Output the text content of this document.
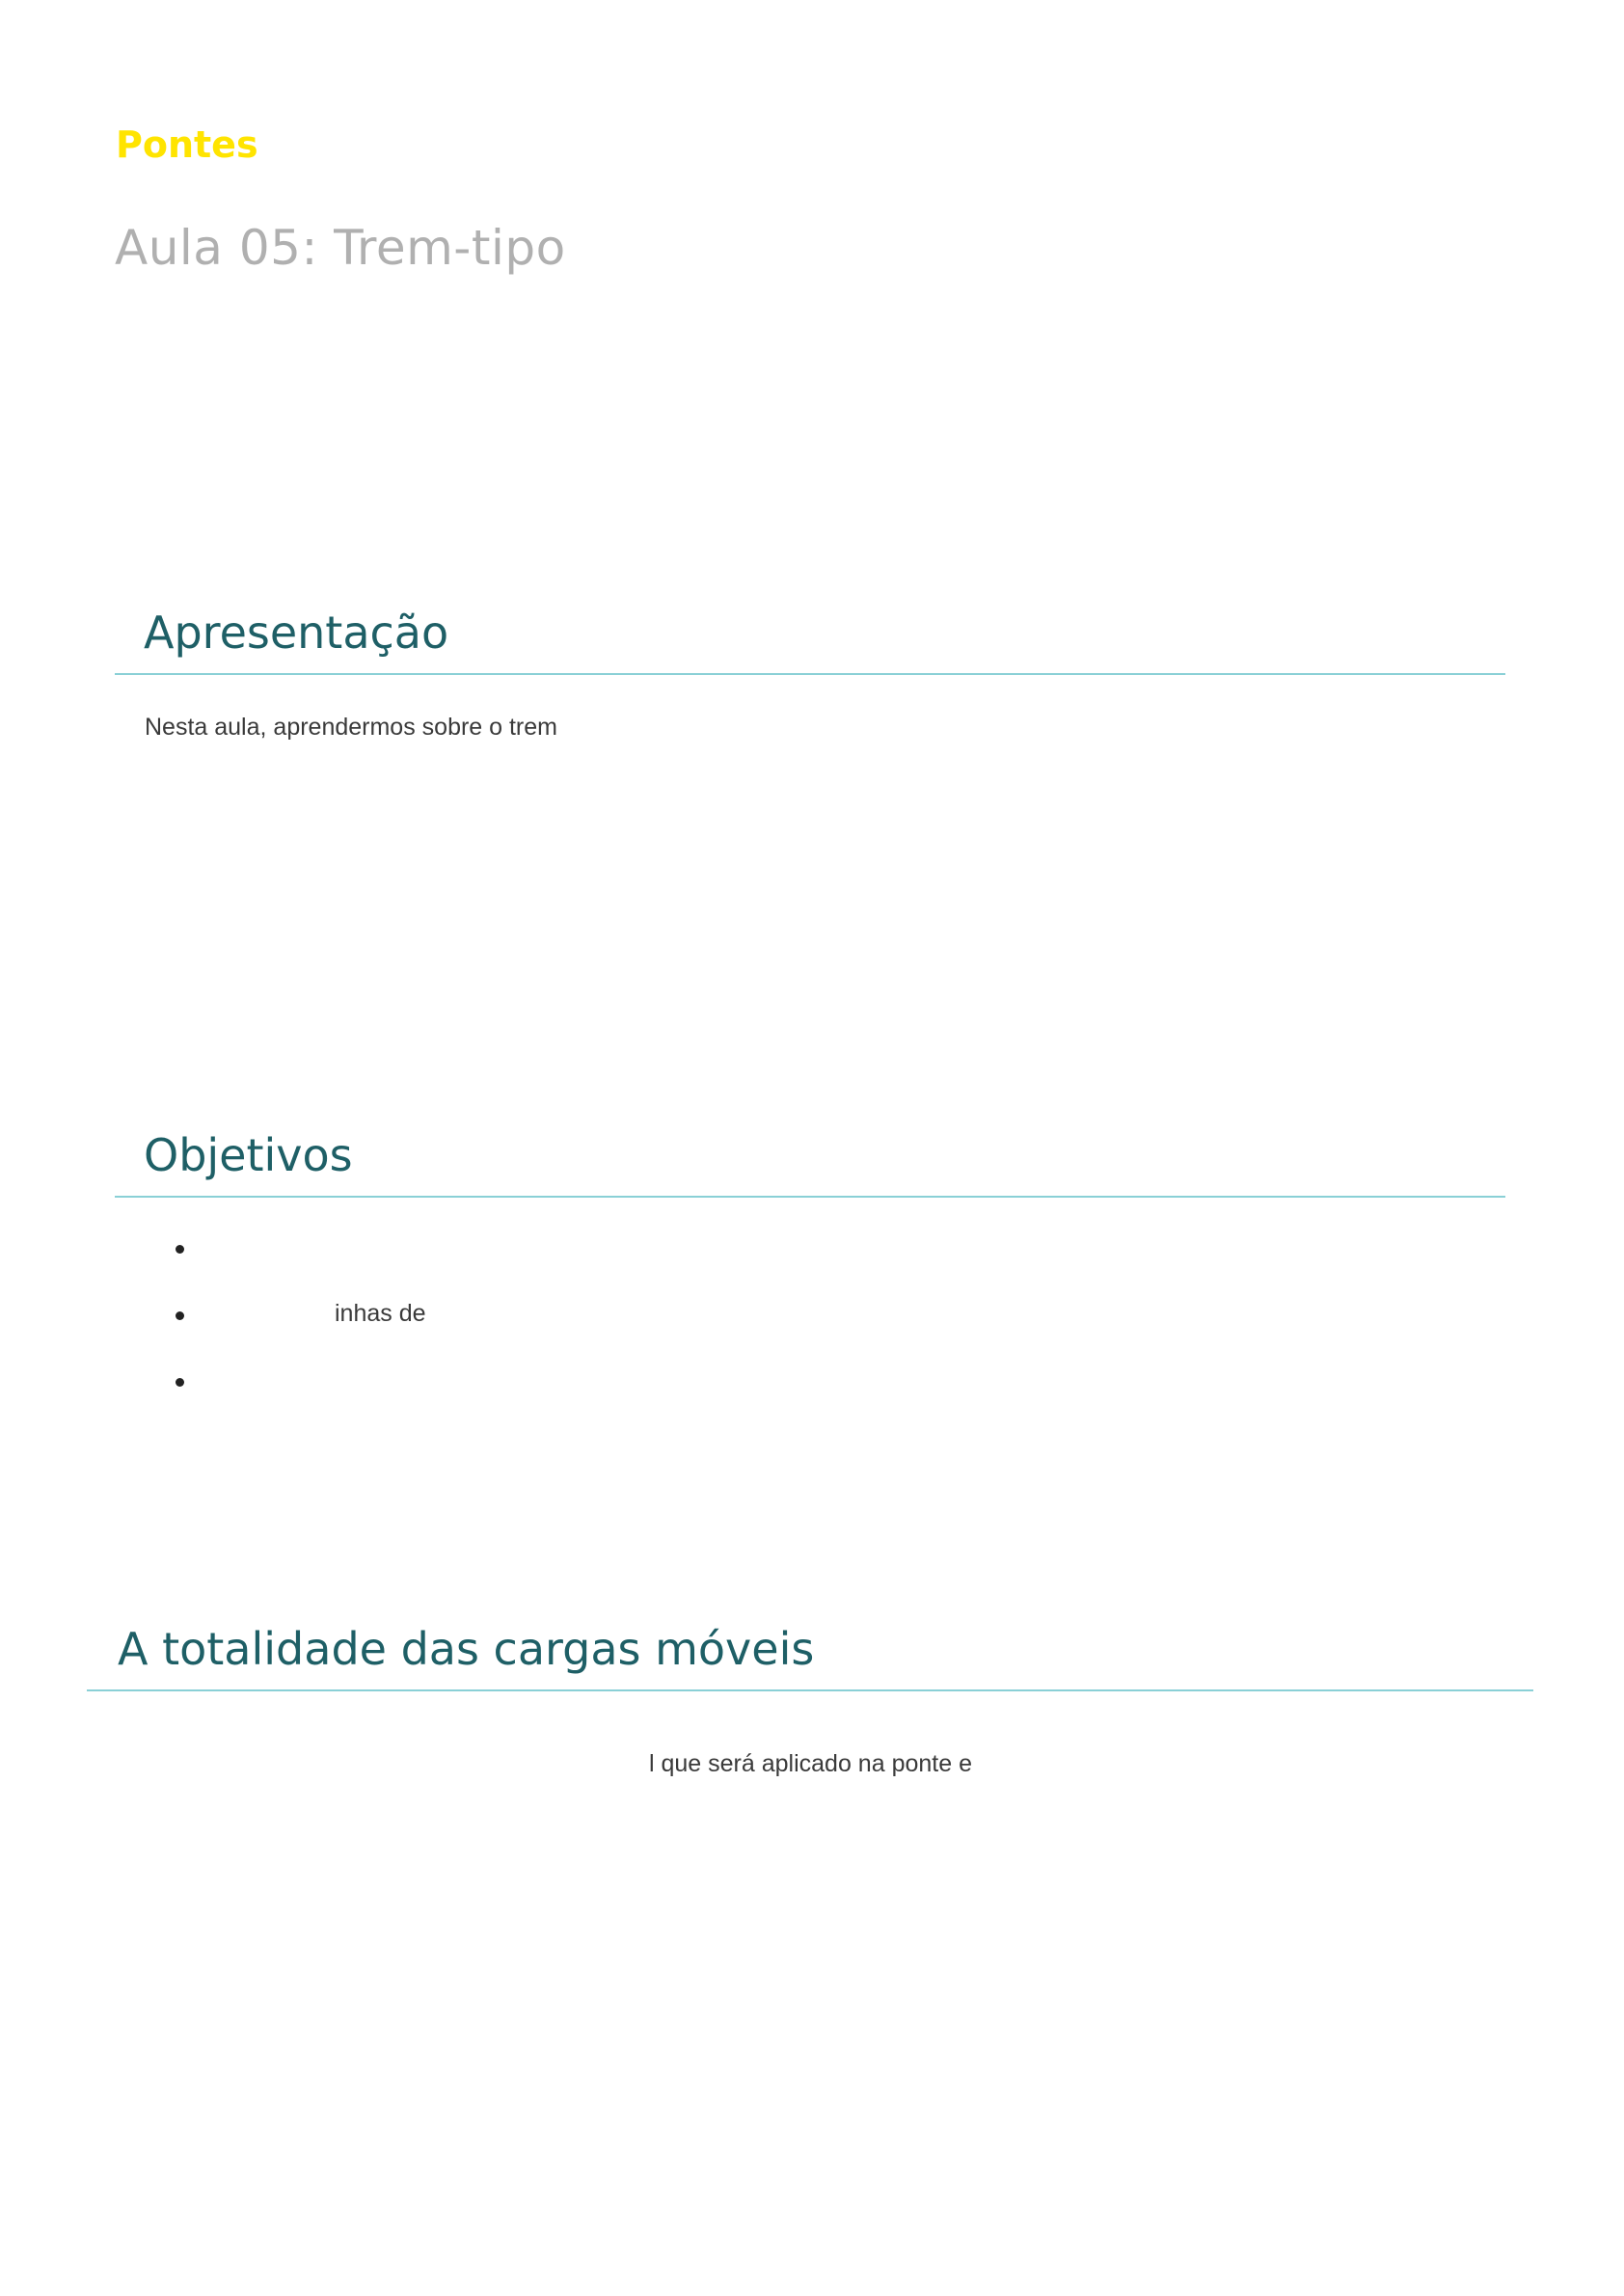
Pontes
Aula 05: Trem-tipo
Apresentação

Nesta aula, aprendermos sobre o trem

Objetivos
inhas de
A totalidade das cargas móveis

l que será aplicado na ponte e
